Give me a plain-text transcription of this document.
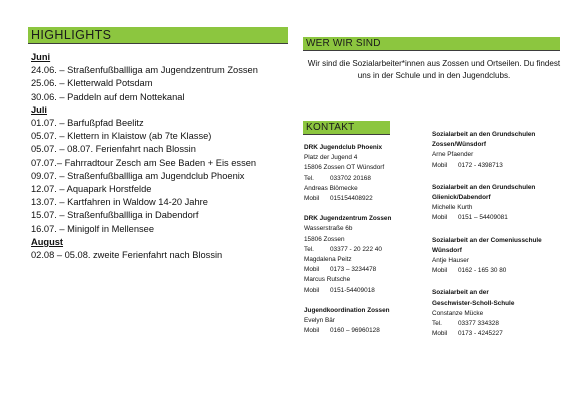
HIGHLIGHTS
Juni
24.06. – Straßenfußballliga am Jugendzentrum Zossen
25.06. – Kletterwald Potsdam
30.06. – Paddeln auf dem Nottekanal
Juli
01.07. – Barfußpfad Beelitz
05.07. – Klettern in Klaistow (ab 7te Klasse)
05.07. – 08.07. Ferienfahrt nach Blossin
07.07.– Fahrradtour Zesch am See Baden + Eis essen
09.07. – Straßenfußballliga am Jugendclub Phoenix
12.07. – Aquapark Horstfelde
13.07. – Kartfahren in Waldow 14-20 Jahre
15.07. – Straßenfußballliga in Dabendorf
16.07. – Minigolf in Mellensee
August
02.08 – 05.08. zweite Ferienfahrt nach Blossin
WER WIR SIND
Wir sind die Sozialarbeiter*innen aus Zossen und Ortseilen. Du findest uns in der Schule und in den Jugendclubs.
KONTAKT
DRK Jugendclub Phoenix
Platz der Jugend 4
15806 Zossen OT Wünsdorf
Tel.	033702 20168
Andreas Blömecke
Mobil	015154408922
DRK Jugendzentrum Zossen
Wasserstraße 6b
15806 Zossen
Tel.	03377 - 20 222 40
Magdalena Peitz
Mobil	0173 – 3234478
Marcus Rutsche
Mobil	0151-54409018
Jugendkoordination Zossen
Evelyn Bär
Mobil	0160 – 96960128
Sozialarbeit an den Grundschulen
Zossen/Wünsdorf
Arne Pfaender
Mobil	0172 - 4398713
Sozialarbeit an den Grundschulen
Glienick/Dabendorf
Michelle Kurth
Mobil	0151 – 54409081
Sozialarbeit an der Comeniusschule
Wünsdorf
Antje Hauser
Mobil	0162 - 165 30 80
Sozialarbeit an der
Geschwister-Scholl-Schule
Constanze Mücke
Tel.	03377 334328
Mobil	0173 - 4245227
